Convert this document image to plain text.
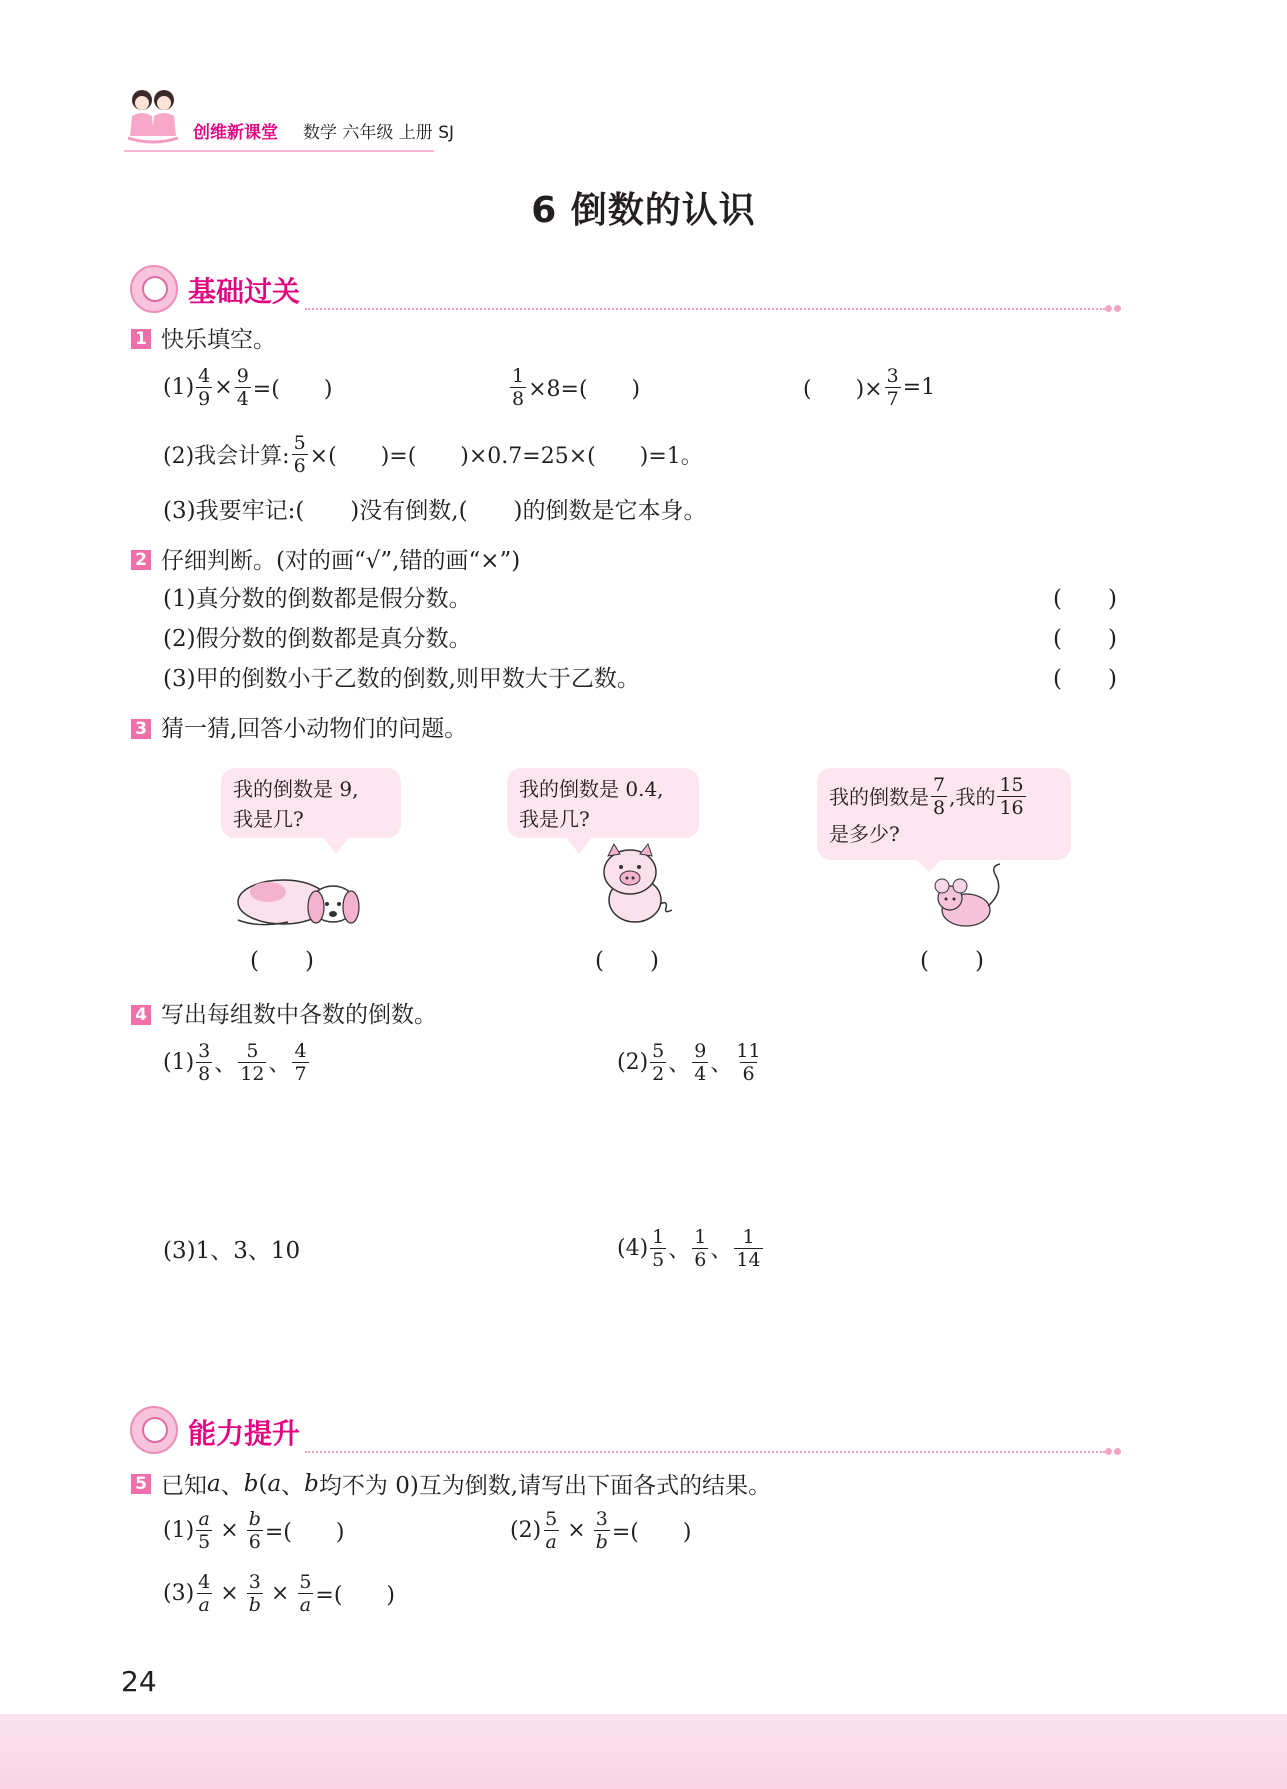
创维新课堂 数学 六年级 上册 SJ
6 倒数的认识
基础过关
1 快乐填空。
$(1) \frac{4}{9} \times \frac{9}{4}$ =(　　)	$\frac{1}{8} \times 8=$(　　)	(　　)× $\frac{3}{7} =1$
(2)我会计算: $\frac{5}{6}$ ×(　　)=(　　)×0.7=25×(　　)=1。
(3)我要牢记:(　　)没有倒数,(　　)的倒数是它本身。
2 仔细判断。(对的画“√”,错的画“×”)
(1)真分数的倒数都是假分数。	(　　)
(2)假分数的倒数都是真分数。	(　　)
(3)甲的倒数小于乙数的倒数,则甲数大于乙数。	(　　)
3 猜一猜,回答小动物们的问题。
我的倒数是 9,
我是几?
(　　)
我的倒数是 0.4,
我是几?
(　　)
我的倒数是 $\frac{7}{8}$ ,我的 $\frac{15}{16}$
是多少?
(　　)
4 写出每组数中各数的倒数。
$(1) \frac{3}{8}$ 、 $\frac{5}{12}$ 、 $\frac{4}{7}$	$(2) \frac{5}{2}$ 、 $\frac{9}{4}$ 、 $\frac{11}{6}$
(3)1、3、10	$(4) \frac{1}{5}$ 、 $\frac{1}{6}$ 、 $\frac{1}{14}$
能力提升
5 已知 a 、 b ( a 、 b 均不为 0)互为倒数,请写出下面各式的结果。
$(1) \frac{a}{5} \times \frac{b}{6}$ =(　　)	$(2) \frac{5}{a} \times \frac{3}{b}$ =(　　)
$(3) \frac{4}{a} \times \frac{3}{b} \times \frac{5}{a}$ =(　　)
24
